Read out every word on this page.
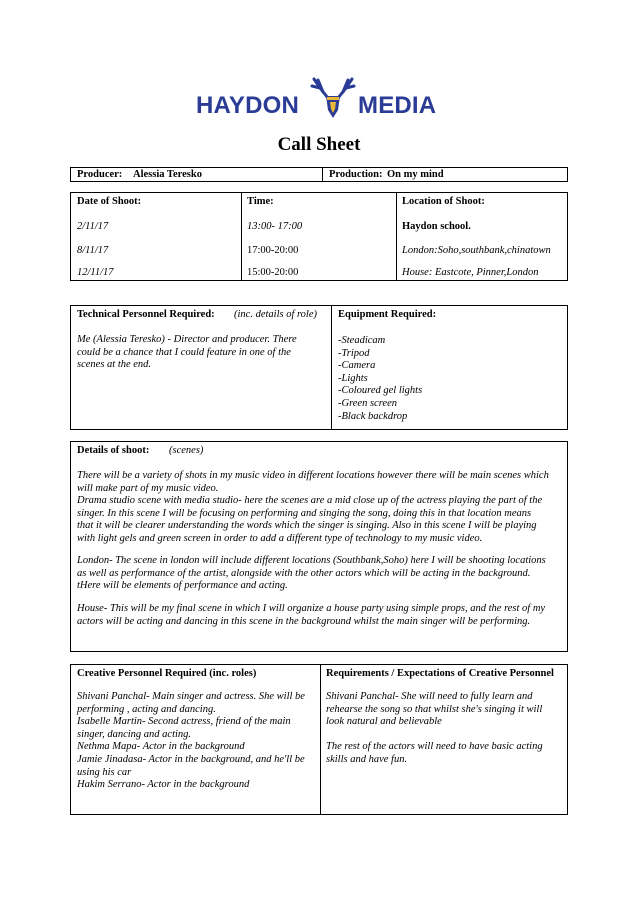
HAYDON MEDIA
Call Sheet
Producer: Alessia Teresko	Production: On my mind
Date of Shoot:	Time:	Location of Shoot:
2/11/17	13:00- 17:00	Haydon school.
8/11/17	17:00-20:00	London:Soho,southbank,chinatown
12/11/17	15:00-20:00	House: Eastcote, Pinner,London
Technical Personnel Required: (inc. details of role)
Me (Alessia Teresko) - Director and producer. There
could be a chance that I could feature in one of the
scenes at the end.
Equipment Required:
-Steadicam
-Tripod
-Camera
-Lights
-Coloured gel lights
-Green screen
-Black backdrop
Details of shoot: (scenes)
There will be a variety of shots in my music video in different locations however there will be main scenes which
will make part of my music video.
Drama studio scene with media studio- here the scenes are a mid close up of the actress playing the part of the
singer. In this scene I will be focusing on performing and singing the song, doing this in that location means
that it will be clearer understanding the words which the singer is singing. Also in this scene I will be playing
with light gels and green screen in order to add a different type of technology to my music video.
London- The scene in london will include different locations (Southbank,Soho) here I will be shooting locations
as well as performance of the artist, alongside with the other actors which will be acting in the background.
tHere will be elements of performance and acting.
House- This will be my final scene in which I will organize a house party using simple props, and the rest of my
actors will be acting and dancing in this scene in the background whilst the main singer will be performing.
Creative Personnel Required (inc. roles)
Shivani Panchal- Main singer and actress. She will be
performing , acting and dancing.
Isabelle Martin- Second actress, friend of the main
singer, dancing and acting.
Nethma Mapa- Actor in the background
Jamie Jinadasa- Actor in the background, and he'll be
using his car
Hakim Serrano- Actor in the background
Requirements / Expectations of Creative Personnel
Shivani Panchal- She will need to fully learn and
rehearse the song so that whilst she's singing it will
look natural and believable
The rest of the actors will need to have basic acting
skills and have fun.
